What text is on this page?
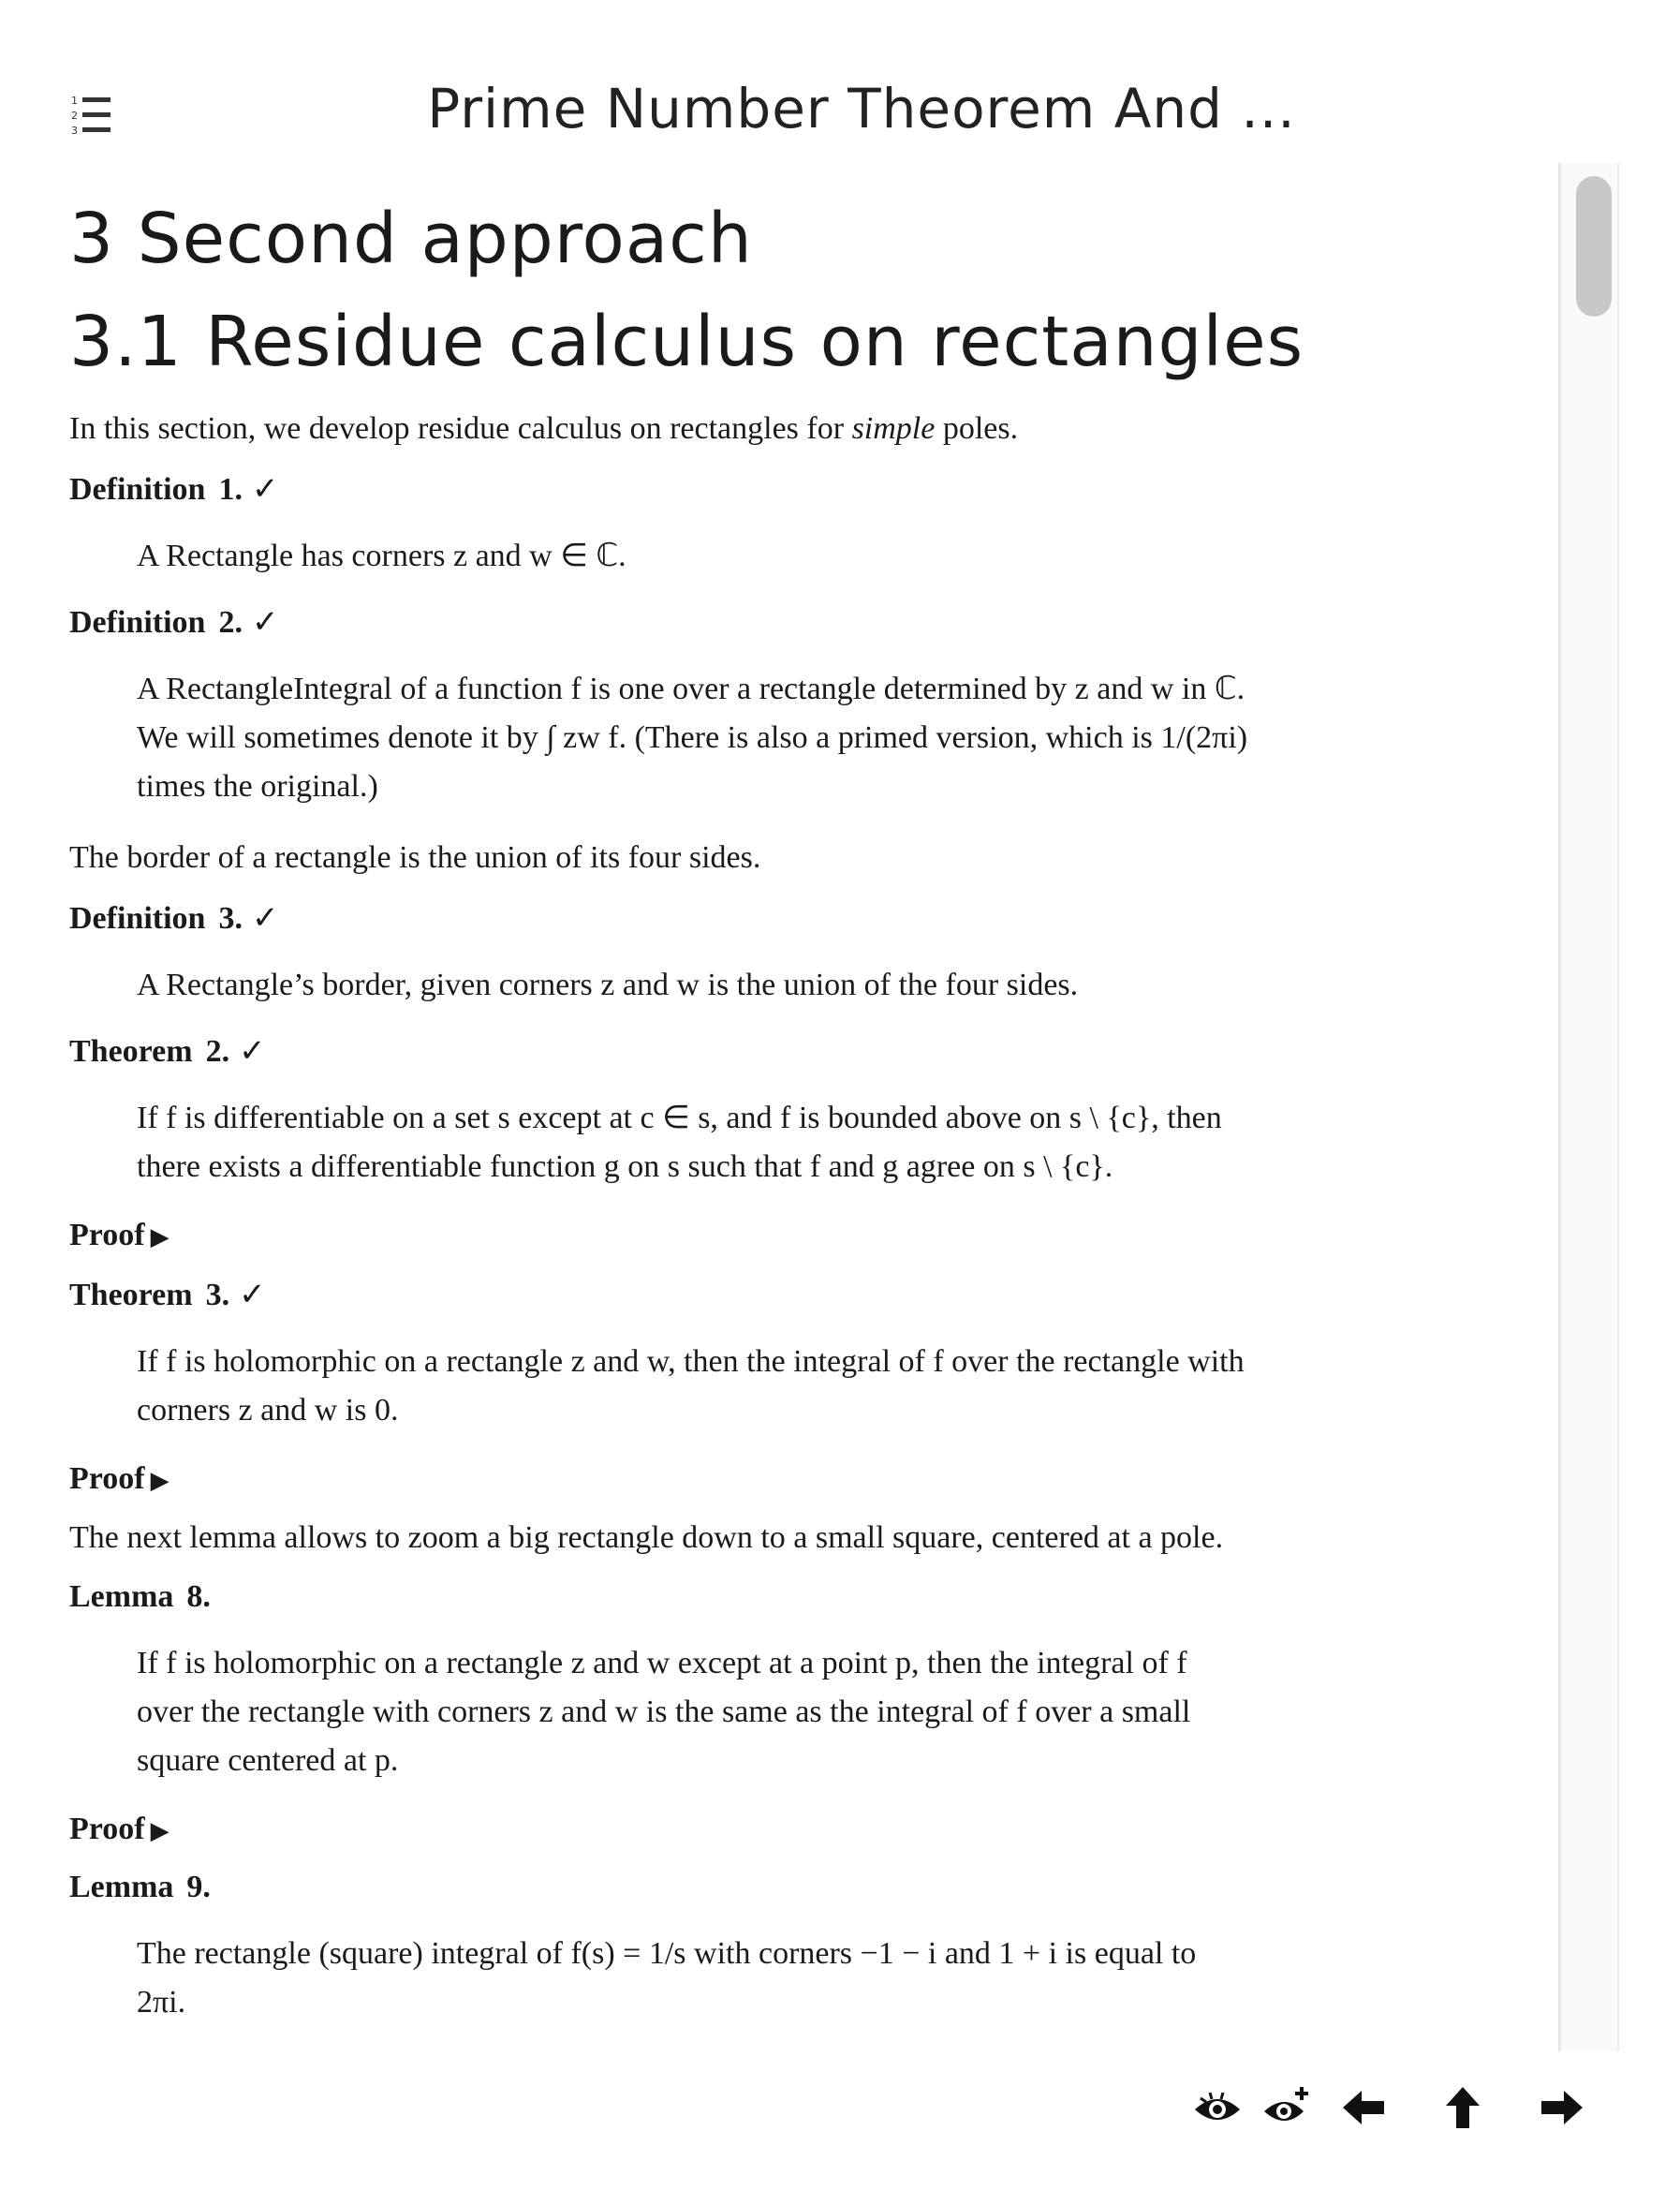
1
2
3	Prime Number Theorem And ...
3 Second approach
3.1 Residue calculus on rectangles

In this section, we develop residue calculus on rectangles for simple poles.

Definition 1. ✓

A Rectangle has corners z and w ∈ ℂ.

Definition 2. ✓

A RectangleIntegral of a function f is one over a rectangle determined by z and w in ℂ.

We will sometimes denote it by ∫ zw f. (There is also a primed version, which is 1/(2πi)

times the original.)

The border of a rectangle is the union of its four sides.

Definition 3. ✓

A Rectangle’s border, given corners z and w is the union of the four sides.

Theorem 2. ✓

If f is differentiable on a set s except at c ∈ s, and f is bounded above on s \ {c}, then

there exists a differentiable function g on s such that f and g agree on s \ {c}.

Proof ▶
Theorem 3. ✓

If f is holomorphic on a rectangle z and w, then the integral of f over the rectangle with

corners z and w is 0.

Proof ▶

The next lemma allows to zoom a big rectangle down to a small square, centered at a pole.

Lemma 8.

If f is holomorphic on a rectangle z and w except at a point p, then the integral of f

over the rectangle with corners z and w is the same as the integral of f over a small

square centered at p.

Proof ▶
Lemma 9.

The rectangle (square) integral of f(s) = 1/s with corners −1 − i and 1 + i is equal to

2πi.
